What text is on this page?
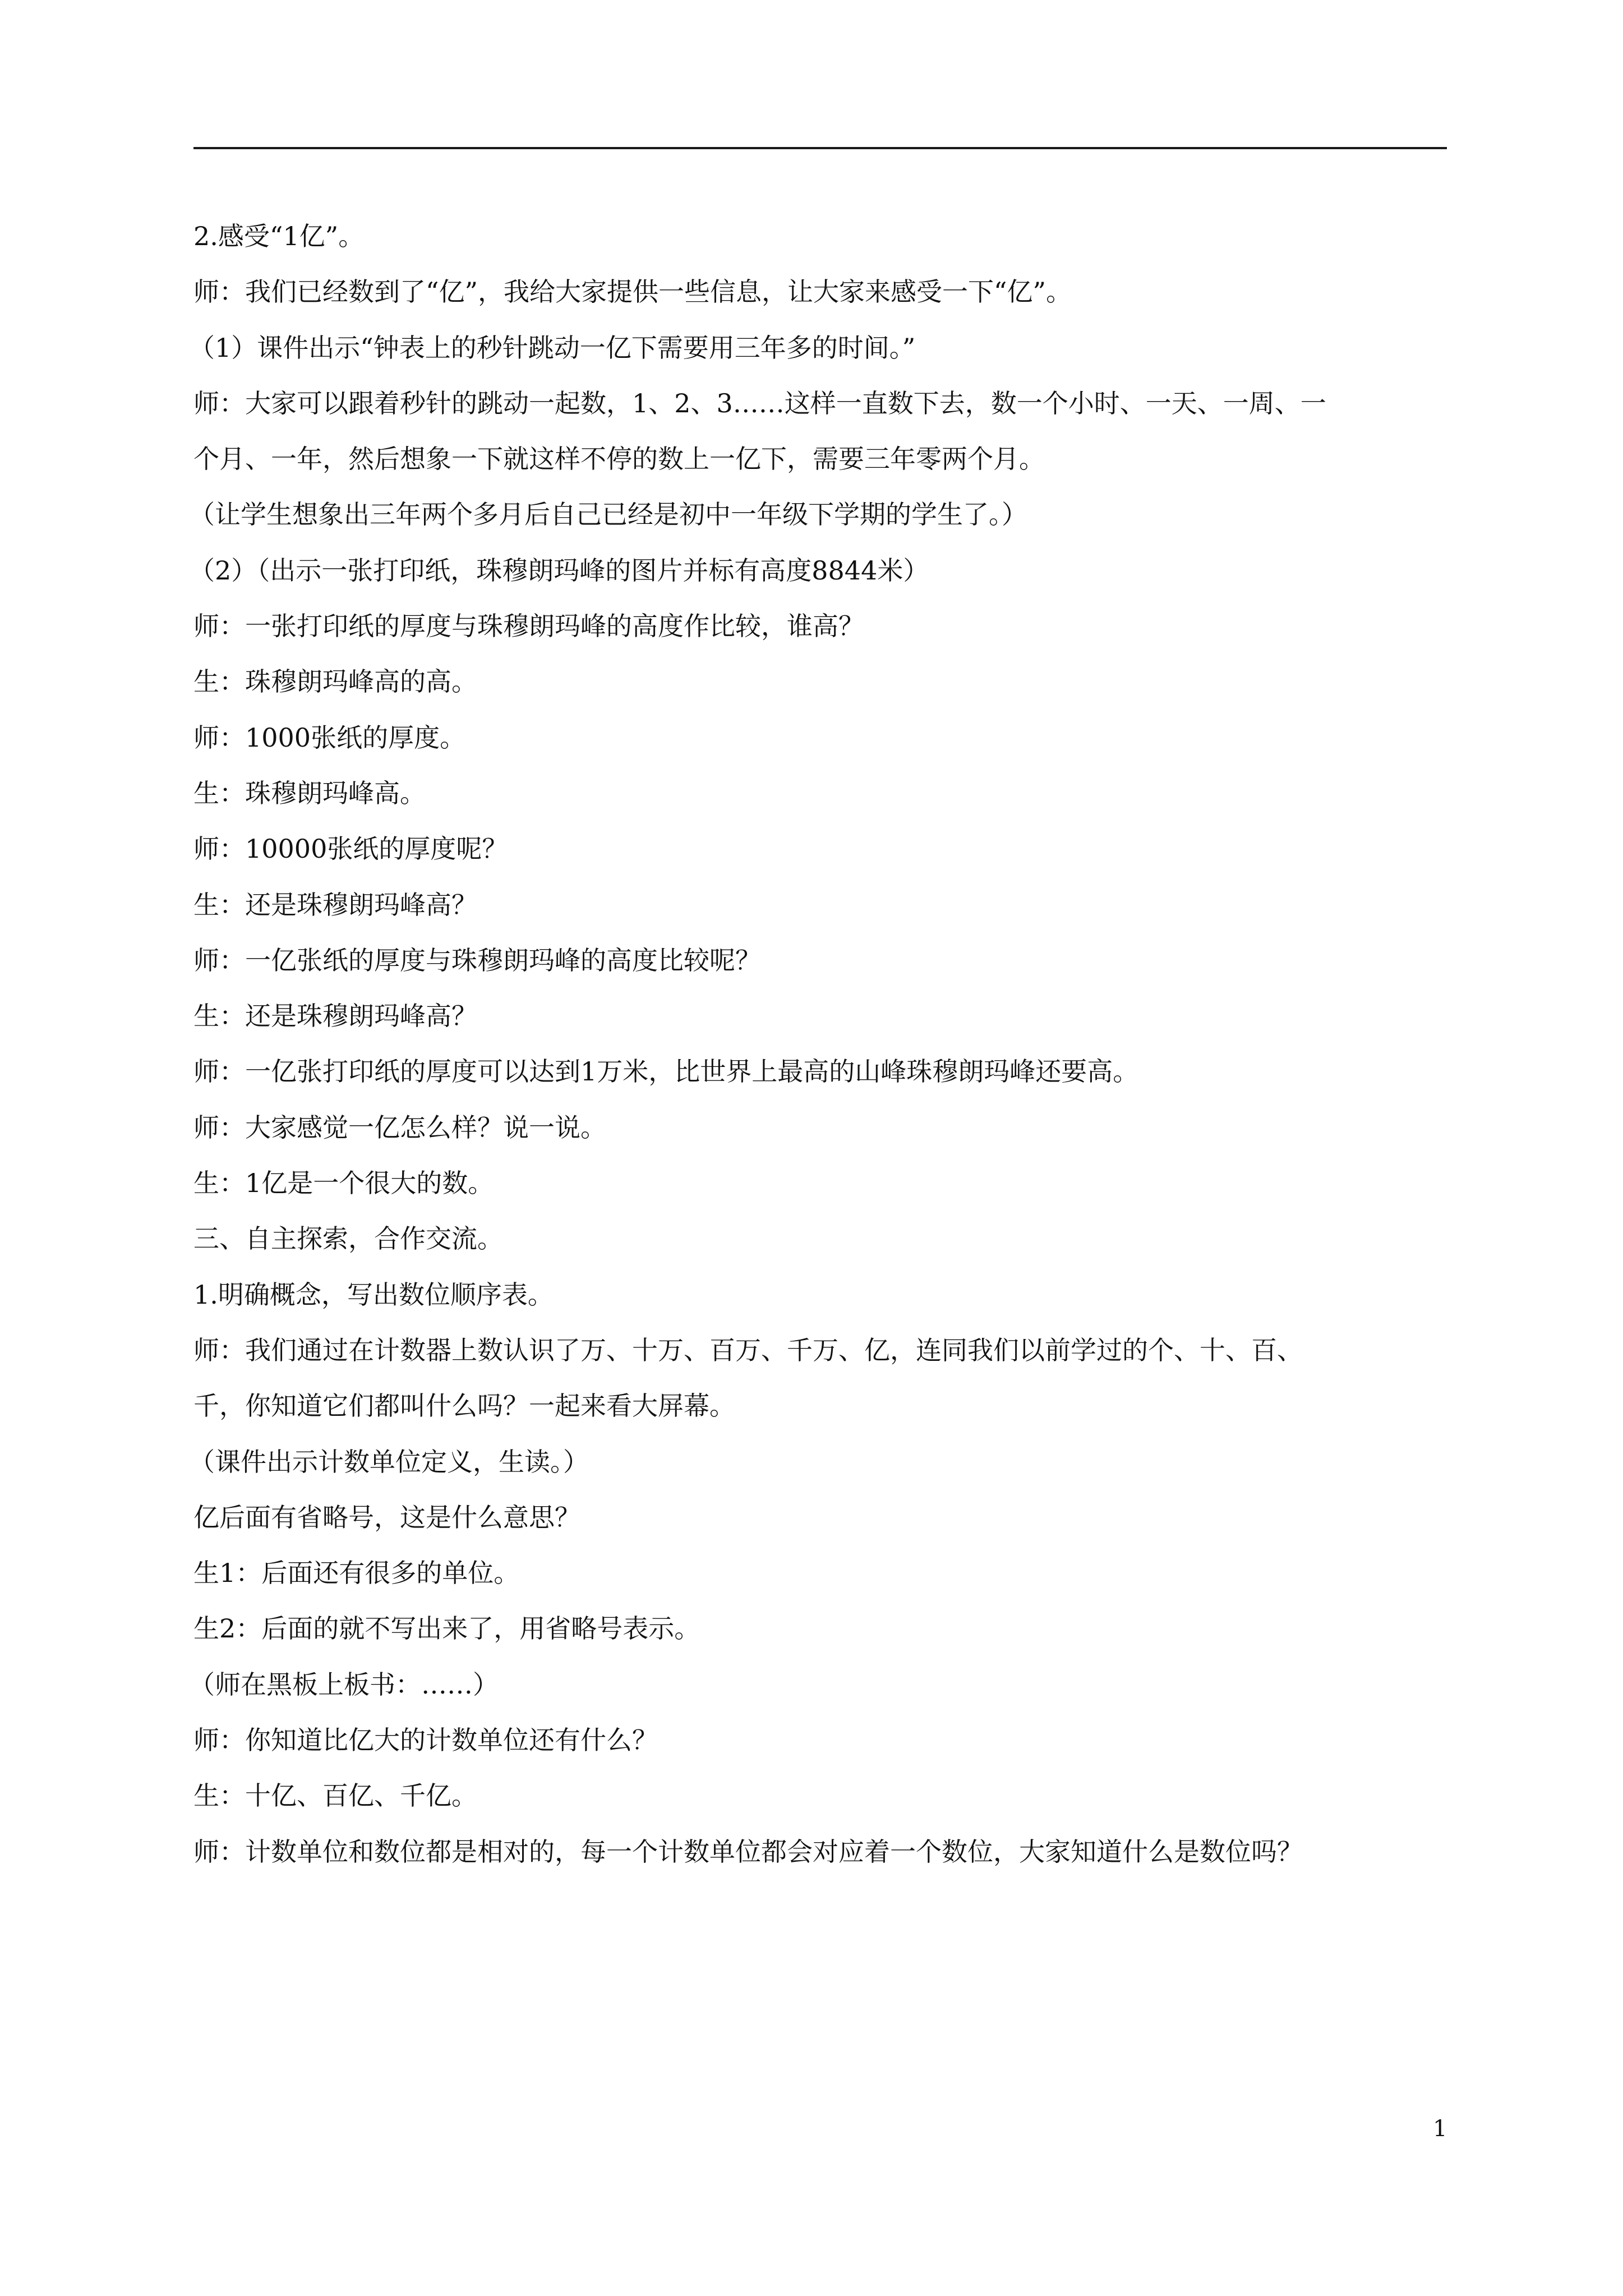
2.感受“1亿”。

师：我们已经数到了“亿”，我给大家提供一些信息，让大家来感受一下“亿”。

（1）课件出示“钟表上的秒针跳动一亿下需要用三年多的时间。”

师：大家可以跟着秒针的跳动一起数，1、2、3……这样一直数下去，数一个小时、一天、一周、一

个月、一年，然后想象一下就这样不停的数上一亿下，需要三年零两个月。

（让学生想象出三年两个多月后自己已经是初中一年级下学期的学生了。）

（2）（出示一张打印纸，珠穆朗玛峰的图片并标有高度8844米）

师：一张打印纸的厚度与珠穆朗玛峰的高度作比较，谁高？

生：珠穆朗玛峰高的高。

师：1000张纸的厚度。

生：珠穆朗玛峰高。

师：10000张纸的厚度呢？

生：还是珠穆朗玛峰高？

师：一亿张纸的厚度与珠穆朗玛峰的高度比较呢？

生：还是珠穆朗玛峰高？

师：一亿张打印纸的厚度可以达到1万米，比世界上最高的山峰珠穆朗玛峰还要高。

师：大家感觉一亿怎么样？说一说。

生：1亿是一个很大的数。

三、自主探索，合作交流。

1.明确概念，写出数位顺序表。

师：我们通过在计数器上数认识了万、十万、百万、千万、亿，连同我们以前学过的个、十、百、

千，你知道它们都叫什么吗？一起来看大屏幕。

（课件出示计数单位定义，生读。）

亿后面有省略号，这是什么意思？

生1：后面还有很多的单位。

生2：后面的就不写出来了，用省略号表示。

（师在黑板上板书：……）

师：你知道比亿大的计数单位还有什么？

生：十亿、百亿、千亿。

师：计数单位和数位都是相对的，每一个计数单位都会对应着一个数位，大家知道什么是数位吗？

1
